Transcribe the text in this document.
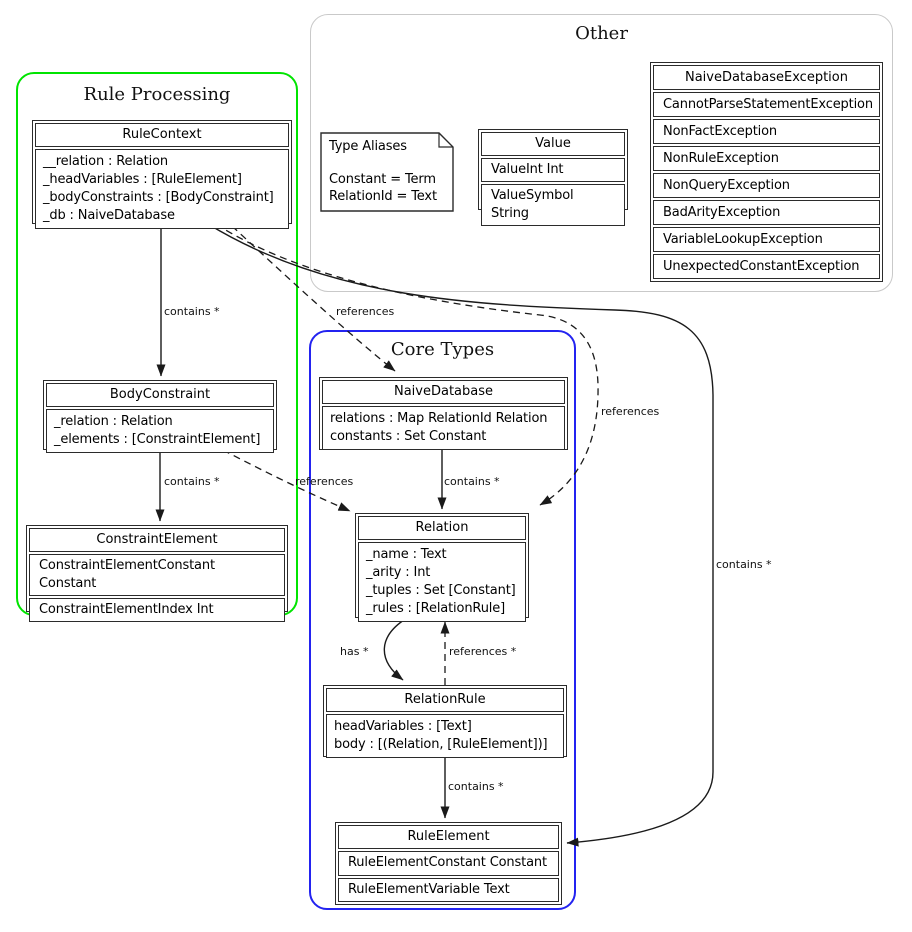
Rule Processing
Other
Core Types
contains *	references
references
contains *
contains *	references	contains *
has *	references *
contains *
RuleContext
__relation : Relation
_headVariables : [RuleElement]
_bodyConstraints : [BodyConstraint]
_db : NaiveDatabase
BodyConstraint
_relation : Relation
_elements : [ConstraintElement]
ConstraintElement
ConstraintElementConstant Constant
ConstraintElementIndex Int
Type Aliases
Constant = Term
RelationId = Text
Value
ValueInt Int
ValueSymbol String
NaiveDatabaseException
CannotParseStatementException
NonFactException
NonRuleException
NonQueryException
BadArityException
VariableLookupException
UnexpectedConstantException
NaiveDatabase
relations : Map RelationId Relation
constants : Set Constant
Relation
_name : Text
_arity : Int
_tuples : Set [Constant]
_rules : [RelationRule]
RelationRule
headVariables : [Text]
body : [(Relation, [RuleElement])]
RuleElement
RuleElementConstant Constant
RuleElementVariable Text
